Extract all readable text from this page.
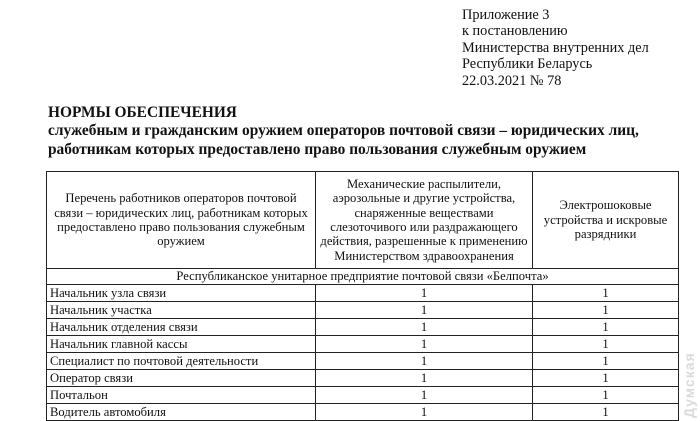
Приложение 3
к постановлению
Министерства внутренних дел
Республики Беларусь
22.03.2021 № 78
НОРМЫ ОБЕСПЕЧЕНИЯ
служебным и гражданским оружием операторов почтовой связи – юридических лиц,
работникам которых предоставлено право пользования служебным оружием
Перечень работников операторов почтовой связи – юридических лиц, работникам которых предоставлено право пользования служебным оружием	Механические распылители, аэрозольные и другие устройства, снаряженные веществами слезоточивого или раздражающего действия, разрешенные к применению Министерством здравоохранения	Электрошоковые устройства и искровые разрядники
Республиканское унитарное предприятие почтовой связи «Белпочта»		
Начальник узла связи	1	1
Начальник участка	1	1
Начальник отделения связи	1	1
Начальник главной кассы	1	1
Специалист по почтовой деятельности	1	1
Оператор связи	1	1
Почтальон	1	1
Водитель автомобиля	1	1	Думская
